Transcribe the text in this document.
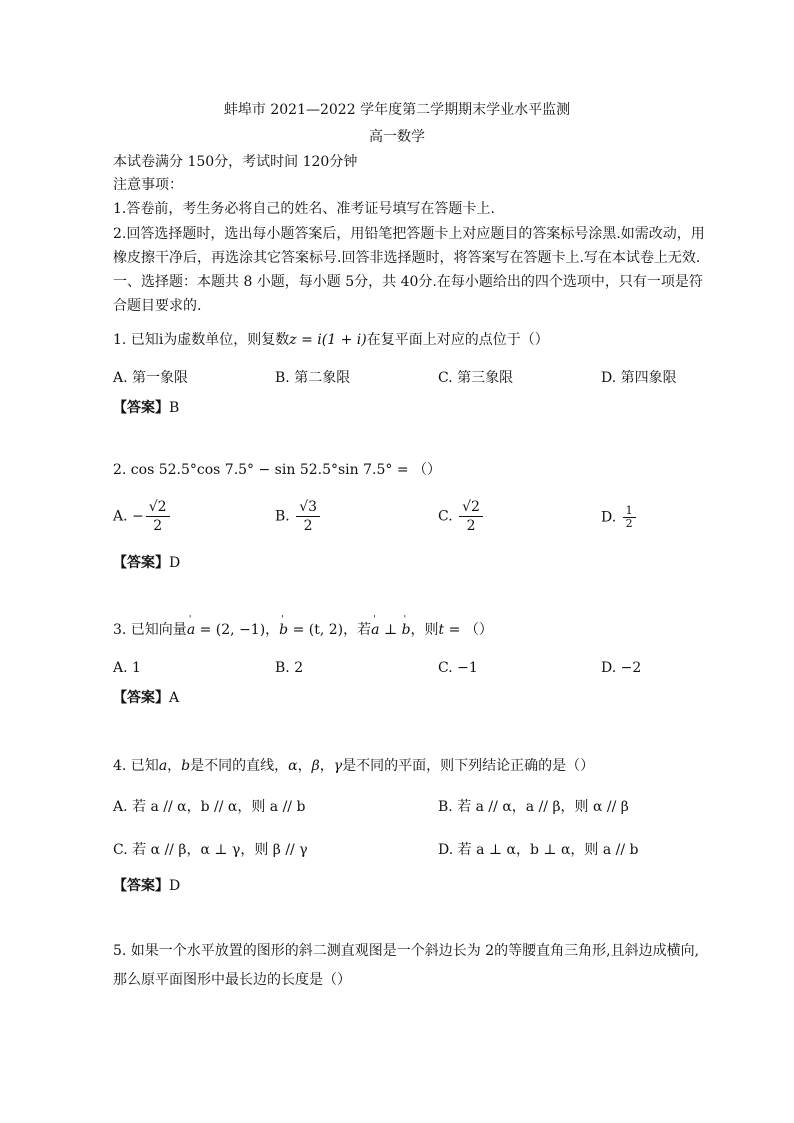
蚌埠市 2021—2022 学年度第二学期期末学业水平监测
高一数学
本试卷满分 150分，考试时间 120分钟
注意事项：
1.答卷前，考生务必将自己的姓名、准考证号填写在答题卡上.
2.回答选择题时，选出每小题答案后，用铅笔把答题卡上对应题目的答案标号涂黑.如需改动，用
橡皮擦干净后，再选涂其它答案标号.回答非选择题时，将答案写在答题卡上.写在本试卷上无效.
一、选择题：本题共 8 小题，每小题 5分，共 40分.在每小题给出的四个选项中，只有一项是符
合题目要求的.
1. 已知i为虚数单位，则复数z = i(1 + i)在复平面上对应的点位于（）
A. 第一象限	B. 第二象限	C. 第三象限	D. 第四象限
【答案】B
2. cos 52.5°cos 7.5° − sin 52.5°sin 7.5° = （）
A. − $\frac{√2}{2}$	B. $\frac{√3}{2}$	C. $\frac{√2}{2}$	D. $\frac{1}{2}$
【答案】D
3. 已知向量' a = (2, −1)，' b = (t, 2)，若' a ⊥ ' b，则t = （）
A. 1	B. 2	C. −1	D. −2
【答案】A
4. 已知a，b是不同的直线，α，β，γ是不同的平面，则下列结论正确的是（）
A. 若 a // α，b // α，则 a // b	B. 若 a // α，a // β，则 α // β
C. 若 α // β，α ⊥ γ，则 β // γ	D. 若 a ⊥ α，b ⊥ α，则 a // b
【答案】D
5. 如果一个水平放置的图形的斜二测直观图是一个斜边长为 2的等腰直角三角形,且斜边成横向,
那么原平面图形中最长边的长度是（）
